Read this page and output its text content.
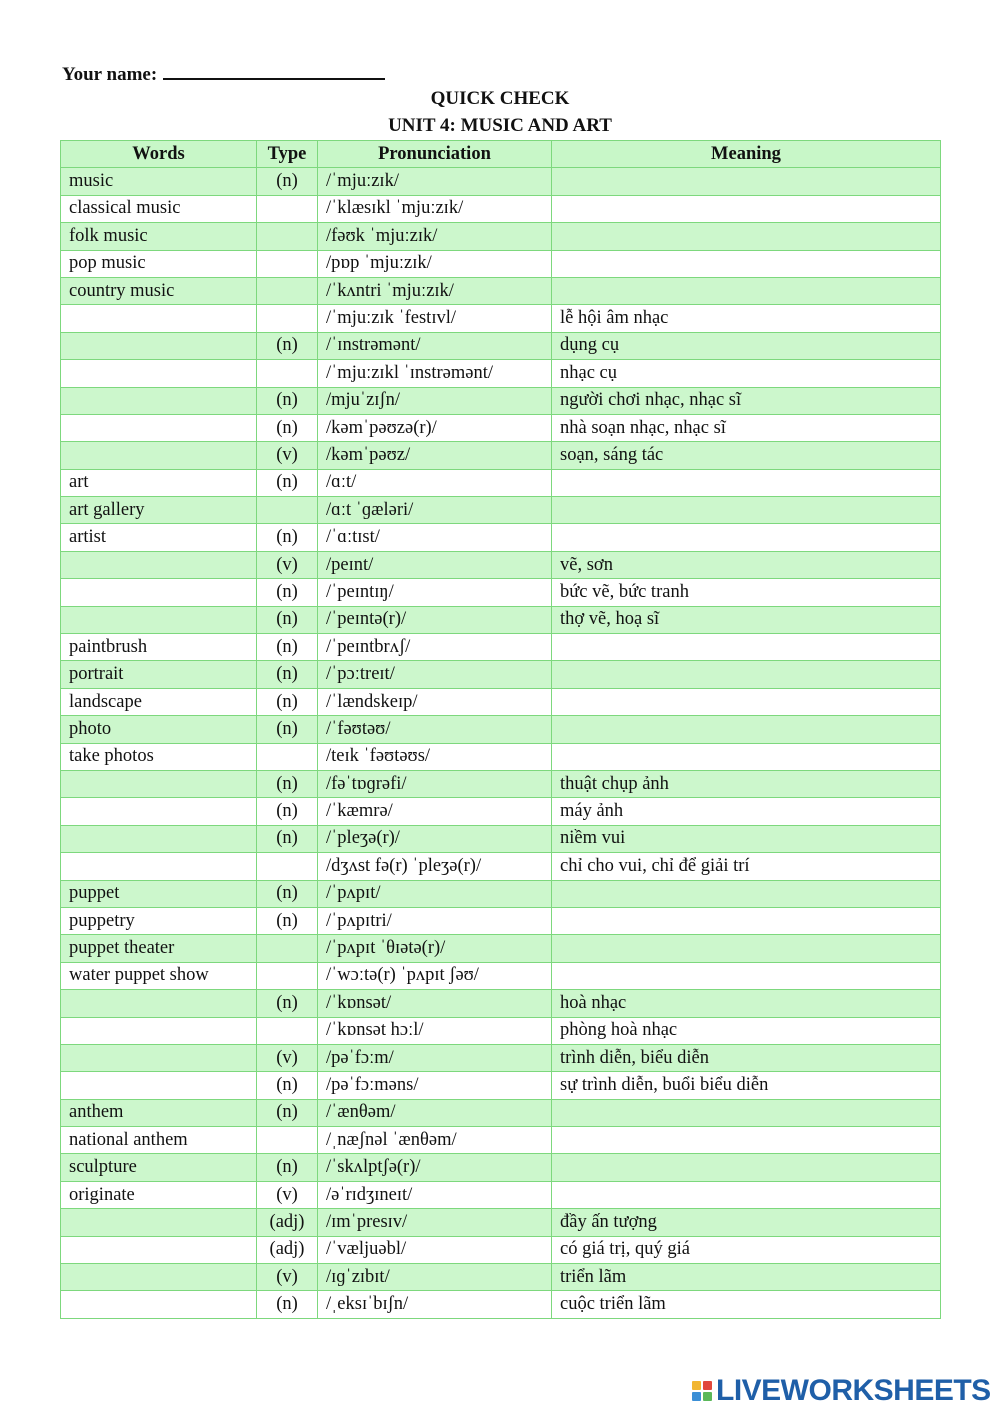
Your name:
QUICK CHECK
UNIT 4: MUSIC AND ART
Words	Type	Pronunciation	Meaning
music	(n)	/ˈmjuːzɪk/	
classical music		/ˈklæsɪkl ˈmjuːzɪk/	
folk music		/fəʊk ˈmjuːzɪk/	
pop music		/pɒp ˈmjuːzɪk/	
country music		/ˈkʌntri ˈmjuːzɪk/	
		/ˈmjuːzɪk ˈfestɪvl/	lễ hội âm nhạc
	(n)	/ˈɪnstrəmənt/	dụng cụ
		/ˈmjuːzɪkl ˈɪnstrəmənt/	nhạc cụ
	(n)	/mjuˈzɪʃn/	người chơi nhạc, nhạc sĩ
	(n)	/kəmˈpəʊzə(r)/	nhà soạn nhạc, nhạc sĩ
	(v)	/kəmˈpəʊz/	soạn, sáng tác
art	(n)	/ɑːt/	
art gallery		/ɑːt ˈɡæləri/	
artist	(n)	/ˈɑːtɪst/	
	(v)	/peɪnt/	vẽ, sơn
	(n)	/ˈpeɪntɪŋ/	bức vẽ, bức tranh
	(n)	/ˈpeɪntə(r)/	thợ vẽ, hoạ sĩ
paintbrush	(n)	/ˈpeɪntbrʌʃ/	
portrait	(n)	/ˈpɔːtreɪt/	
landscape	(n)	/ˈlændskeɪp/	
photo	(n)	/ˈfəʊtəʊ/	
take photos		/teɪk ˈfəʊtəʊs/	
	(n)	/fəˈtɒɡrəfi/	thuật chụp ảnh
	(n)	/ˈkæmrə/	máy ảnh
	(n)	/ˈpleʒə(r)/	niềm vui
		/dʒʌst fə(r) ˈpleʒə(r)/	chỉ cho vui, chỉ để giải trí
puppet	(n)	/ˈpʌpɪt/	
puppetry	(n)	/ˈpʌpɪtri/	
puppet theater		/ˈpʌpɪt ˈθɪətə(r)/	
water puppet show		/ˈwɔːtə(r) ˈpʌpɪt ʃəʊ/	
	(n)	/ˈkɒnsət/	hoà nhạc
		/ˈkɒnsət hɔːl/	phòng hoà nhạc
	(v)	/pəˈfɔːm/	trình diễn, biểu diễn
	(n)	/pəˈfɔːməns/	sự trình diễn, buổi biểu diễn
anthem	(n)	/ˈænθəm/	
national anthem		/ˌnæʃnəl ˈænθəm/	
sculpture	(n)	/ˈskʌlptʃə(r)/	
originate	(v)	/əˈrɪdʒɪneɪt/	
	(adj)	/ɪmˈpresɪv/	đầy ấn tượng
	(adj)	/ˈvæljuəbl/	có giá trị, quý giá
	(v)	/ɪɡˈzɪbɪt/	triển lãm
	(n)	/ˌeksɪˈbɪʃn/	cuộc triển lãm
LIVEWORKSHEETS
